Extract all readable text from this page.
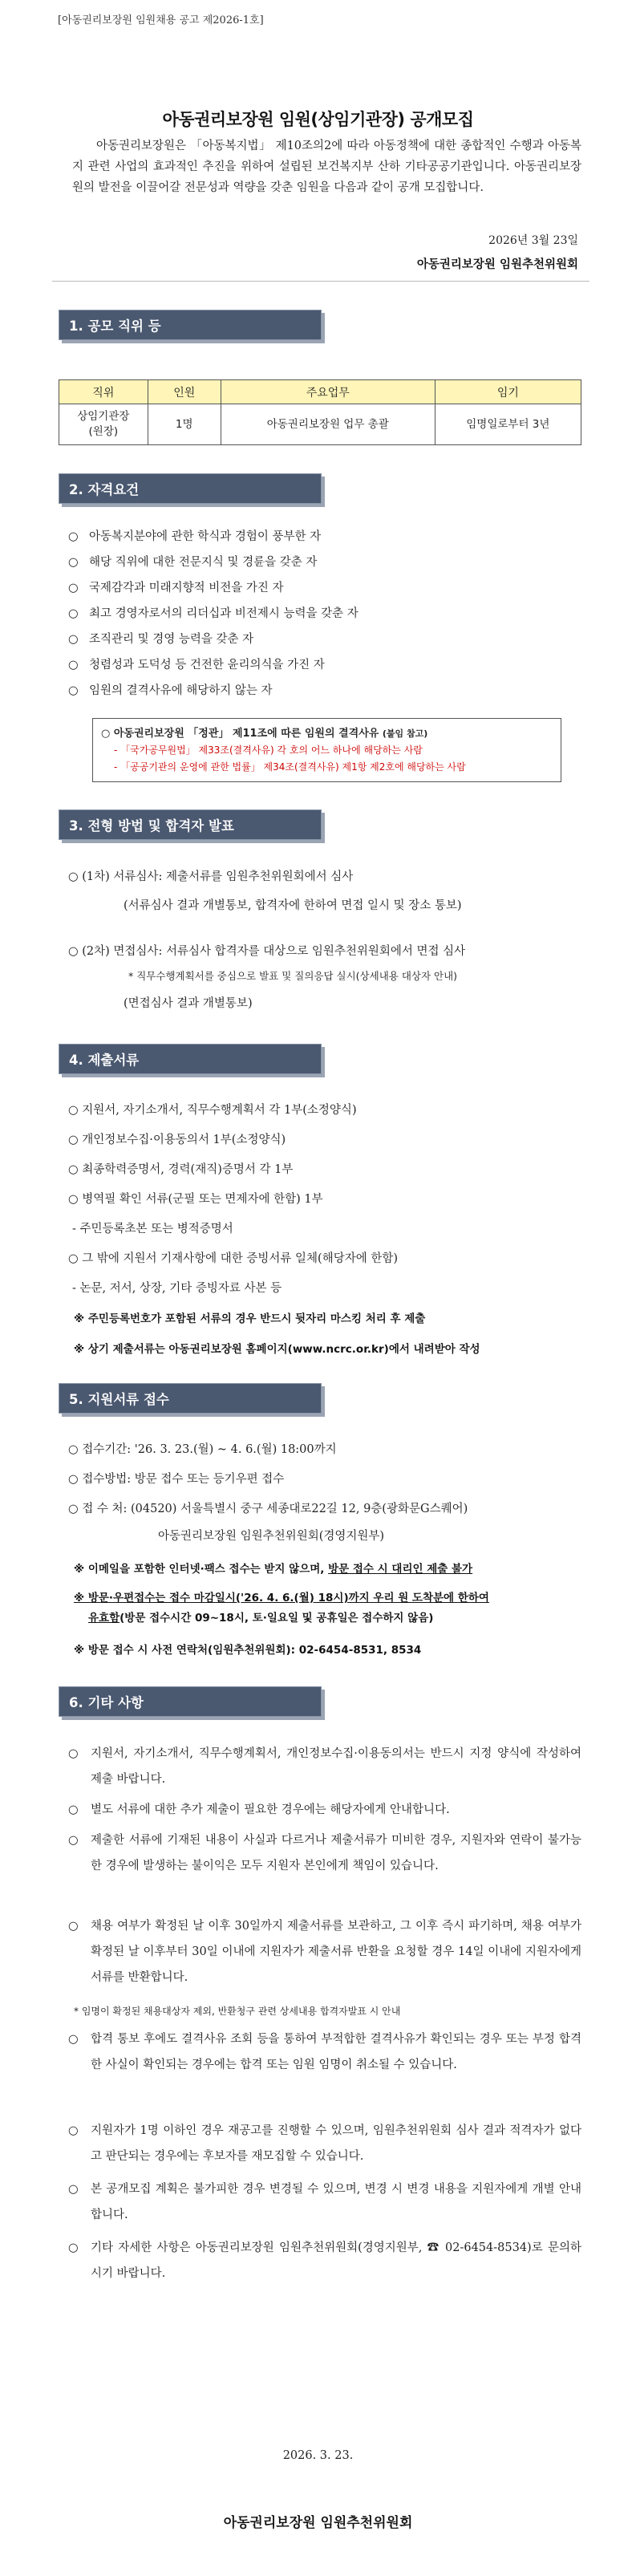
[아동권리보장원 임원채용 공고 제2026-1호]
아동권리보장원 임원(상임기관장) 공개모집
아동권리보장원은 「아동복지법」 제10조의2에 따라 아동정책에 대한 종합적인 수행과 아동복지 관련 사업의 효과적인 추진을 위하여 설립된 보건복지부 산하 기타공공기관입니다. 아동권리보장원의 발전을 이끌어갈 전문성과 역량을 갖춘 임원을 다음과 같이 공개 모집합니다.
2026년 3월 23일
아동권리보장원 임원추천위원회
1. 공모 직위 등
직위	인원	주요업무	임기
상임기관장
(원장)	1명	아동권리보장원 업무 총괄	임명일로부터 3년
2. 자격요건
○ 아동복지분야에 관한 학식과 경험이 풍부한 자
○ 해당 직위에 대한 전문지식 및 경륜을 갖춘 자
○ 국제감각과 미래지향적 비전을 가진 자
○ 최고 경영자로서의 리더십과 비전제시 능력을 갖춘 자
○ 조직관리 및 경영 능력을 갖춘 자
○ 청렴성과 도덕성 등 건전한 윤리의식을 가진 자
○ 임원의 결격사유에 해당하지 않는 자
○ 아동권리보장원 「정관」 제11조에 따른 임원의 결격사유 (붙임 참고)
- 「국가공무원법」 제33조(결격사유) 각 호의 어느 하나에 해당하는 사람
- 「공공기관의 운영에 관한 법률」 제34조(결격사유) 제1항 제2호에 해당하는 사람
3. 전형 방법 및 합격자 발표
○ (1차) 서류심사: 제출서류를 임원추천위원회에서 심사
(서류심사 결과 개별통보, 합격자에 한하여 면접 일시 및 장소 통보)
○ (2차) 면접심사: 서류심사 합격자를 대상으로 임원추천위원회에서 면접 심사
* 직무수행계획서를 중심으로 발표 및 질의응답 실시(상세내용 대상자 안내)
(면접심사 결과 개별통보)
4. 제출서류
○ 지원서, 자기소개서, 직무수행계획서 각 1부(소정양식)
○ 개인정보수집·이용동의서 1부(소정양식)
○ 최종학력증명서, 경력(재직)증명서 각 1부
○ 병역필 확인 서류(군필 또는 면제자에 한함) 1부
- 주민등록초본 또는 병적증명서
○ 그 밖에 지원서 기재사항에 대한 증빙서류 일체(해당자에 한함)
- 논문, 저서, 상장, 기타 증빙자료 사본 등
※ 주민등록번호가 포함된 서류의 경우 반드시 뒷자리 마스킹 처리 후 제출
※ 상기 제출서류는 아동권리보장원 홈페이지(www.ncrc.or.kr)에서 내려받아 작성
5. 지원서류 접수
○ 접수기간: '26. 3. 23.(월) ~ 4. 6.(월) 18:00까지
○ 접수방법: 방문 접수 또는 등기우편 접수
○ 접 수 처: (04520) 서울특별시 중구 세종대로22길 12, 9층(광화문G스퀘어)
아동권리보장원 임원추천위원회(경영지원부)
※ 이메일을 포함한 인터넷·팩스 접수는 받지 않으며, 방문 접수 시 대리인 제출 불가
※ 방문·우편접수는 접수 마감일시('26. 4. 6.(월) 18시)까지 우리 원 도착분에 한하여
유효함(방문 접수시간 09~18시, 토·일요일 및 공휴일은 접수하지 않음)
※ 방문 접수 시 사전 연락처(임원추천위원회): 02-6454-8531, 8534
6. 기타 사항
○	지원서, 자기소개서, 직무수행계획서, 개인정보수집·이용동의서는 반드시 지정 양식에 작성하여 제출 바랍니다.
○	별도 서류에 대한 추가 제출이 필요한 경우에는 해당자에게 안내합니다.
○	제출한 서류에 기재된 내용이 사실과 다르거나 제출서류가 미비한 경우, 지원자와 연락이 불가능한 경우에 발생하는 불이익은 모두 지원자 본인에게 책임이 있습니다.
○	채용 여부가 확정된 날 이후 30일까지 제출서류를 보관하고, 그 이후 즉시 파기하며, 채용 여부가 확정된 날 이후부터 30일 이내에 지원자가 제출서류 반환을 요청할 경우 14일 이내에 지원자에게 서류를 반환합니다.
* 임명이 확정된 채용대상자 제외, 반환청구 관련 상세내용 합격자발표 시 안내
○	합격 통보 후에도 결격사유 조회 등을 통하여 부적합한 결격사유가 확인되는 경우 또는 부정 합격한 사실이 확인되는 경우에는 합격 또는 임원 임명이 취소될 수 있습니다.
○	지원자가 1명 이하인 경우 재공고를 진행할 수 있으며, 임원추천위원회 심사 결과 적격자가 없다고 판단되는 경우에는 후보자를 재모집할 수 있습니다.
○	본 공개모집 계획은 불가피한 경우 변경될 수 있으며, 변경 시 변경 내용을 지원자에게 개별 안내합니다.
○	기타 자세한 사항은 아동권리보장원 임원추천위원회(경영지원부, ☎ 02-6454-8534)로 문의하시기 바랍니다.
2026. 3. 23.
아동권리보장원 임원추천위원회
